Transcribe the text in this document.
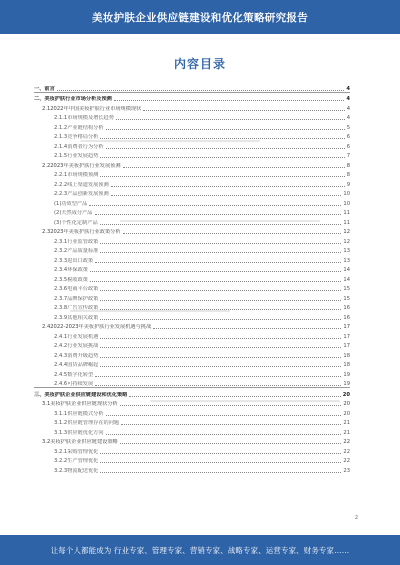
美妆护肤企业供应链建设和优化策略研究报告
内容目录
一、 前言	4
二、 美妆护肤行业市场分析及预测	4
2.1 2022年中国美妆护肤行业市场规模现状	4
2.1.1 市场规模及增长趋势	4
2.1.2 产业链结构分析	5
2.1.3 竞争格局分析	6
2.1.4 消费者行为分析	6
2.1.5 行业发展趋势	7
2.2 2023年美妆护肤行业发展预测	8
2.2.1 市场规模预测	8
2.2.2 线上渠道发展预测	9
2.2.3 产品创新发展预测	10
(1) 功效型产品	10
(2) 天然成分产品	11
(3) 个性化定制产品	11
2.3 2023年美妆护肤行业政策分析	12
2.3.1 行业监管政策	12
2.3.2 产品质量标准	13
2.3.3 进出口政策	13
2.3.4 环保政策	14
2.3.5 税收政策	14
2.3.6 电商平台政策	15
2.3.7 品牌保护政策	15
2.3.8 广告宣传政策	16
2.3.9 其他相关政策	16
2.4 2022-2023年美妆护肤行业发展机遇与挑战	17
2.4.1 行业发展机遇	17
2.4.2 行业发展挑战	17
2.4.3 消费升级趋势	18
2.4.4 国货品牌崛起	18
2.4.5 数字化转型	19
2.4.6 可持续发展	19
三、 美妆护肤企业供应链建设和优化策略	20
3.1 美妆护肤企业供应链现状分析	20
3.1.1 供应链模式分析	20
3.1.2 供应链管理存在的问题	21
3.1.3 供应链优化方向	21
3.2 美妆护肤企业供应链建设策略	22
3.2.1 采购管理优化	22
3.2.2 生产管理优化	22
3.2.3 物流配送优化	23
2
让每个人都能成为 行业专家、管理专家、营销专家、战略专家、运营专家、财务专家……
